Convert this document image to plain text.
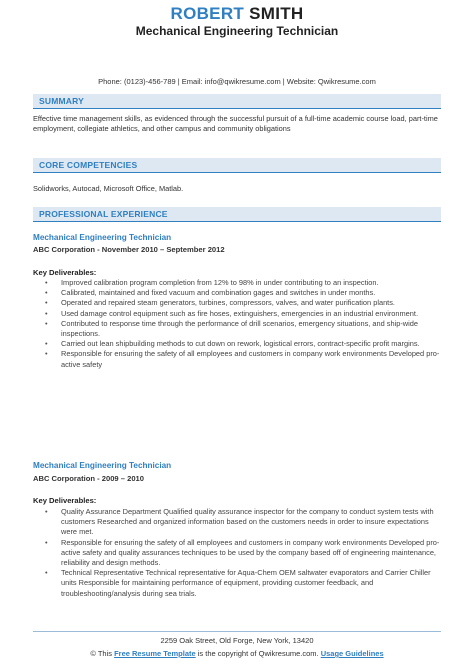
ROBERT SMITH
Mechanical Engineering Technician
Phone: (0123)-456-789 | Email: info@qwikresume.com | Website: Qwikresume.com
SUMMARY
Effective time management skills, as evidenced through the successful pursuit of a full-time academic course load, part-time employment, collegiate athletics, and other campus and community obligations
CORE COMPETENCIES
Solidworks, Autocad, Microsoft Office, Matlab.
PROFESSIONAL EXPERIENCE
Mechanical Engineering Technician
ABC Corporation - November 2010 – September 2012
Key Deliverables:
• Improved calibration program completion from 12% to 98% in under contributing to an inspection.
• Calibrated, maintained and fixed vacuum and combination gages and switches in under months.
• Operated and repaired steam generators, turbines, compressors, valves, and water purification plants.
• Used damage control equipment such as fire hoses, extinguishers, emergencies in an industrial environment.
• Contributed to response time through the performance of drill scenarios, emergency situations, and ship-wide inspections.
• Carried out lean shipbuilding methods to cut down on rework, logistical errors, contract-specific profit margins.
• Responsible for ensuring the safety of all employees and customers in company work environments Developed pro-active safety
Mechanical Engineering Technician
ABC Corporation - 2009 – 2010
Key Deliverables:
• Quality Assurance Department Qualified quality assurance inspector for the company to conduct system tests with customers Researched and organized information based on the customers needs in order to insure expectations were met.
• Responsible for ensuring the safety of all employees and customers in company work environments Developed pro-active safety and quality assurances techniques to be used by the company based off of engineering maintenance, reliability and design methods.
• Technical Representative Technical representative for Aqua-Chem OEM saltwater evaporators and Carrier Chiller units Responsible for maintaining performance of equipment, providing customer feedback, and troubleshooting/analysis during sea trials.
2259 Oak Street, Old Forge, New York, 13420
© This Free Resume Template is the copyright of Qwikresume.com. Usage Guidelines
